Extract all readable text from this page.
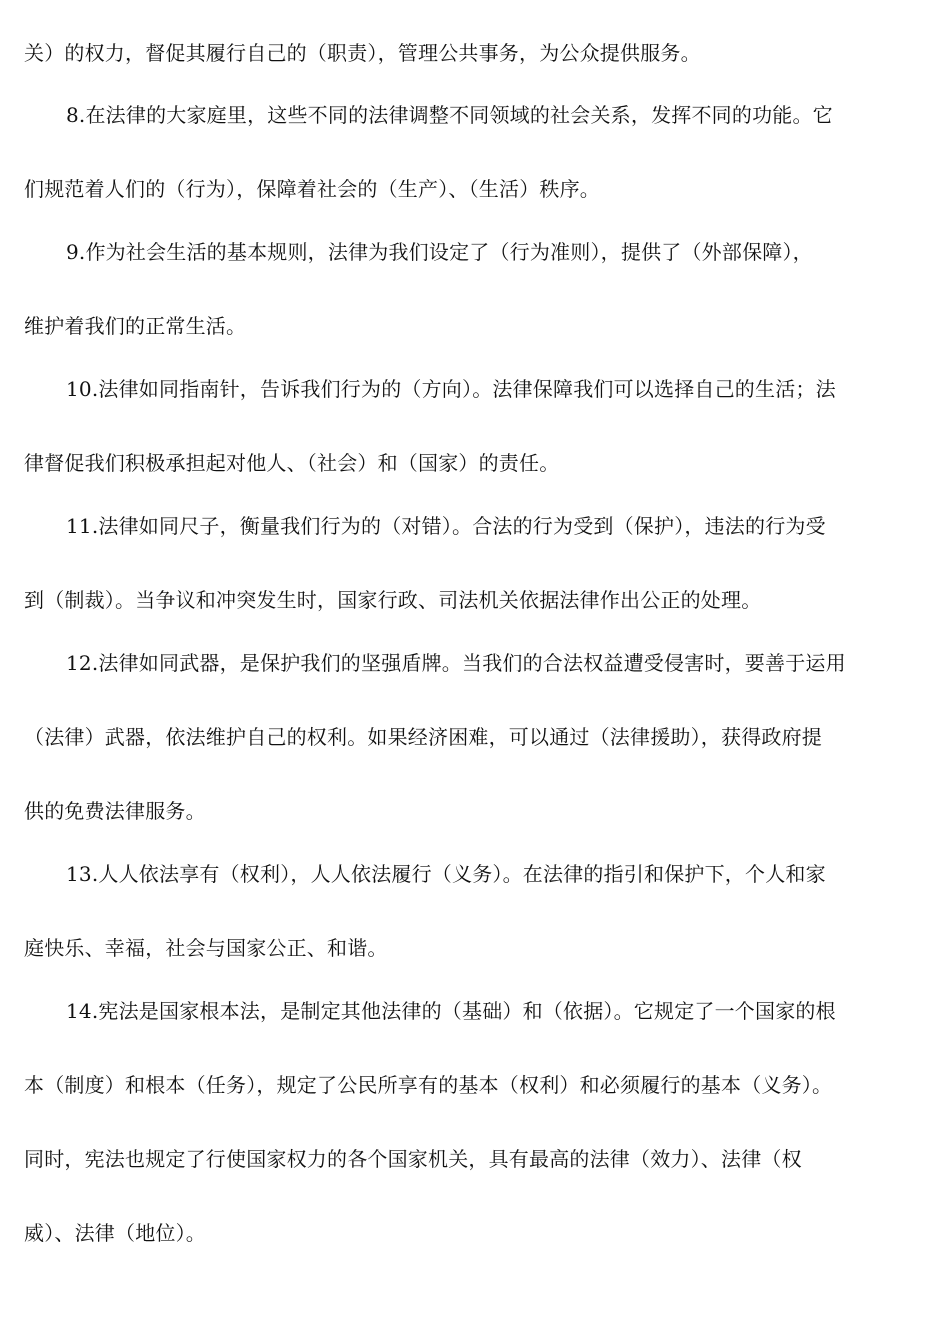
关）的权力，督促其履行自己的（职责），管理公共事务，为公众提供服务。
8.在法律的大家庭里，这些不同的法律调整不同领域的社会关系，发挥不同的功能。它
们规范着人们的（行为），保障着社会的（生产）、（生活）秩序。
9.作为社会生活的基本规则，法律为我们设定了（行为准则），提供了（外部保障），
维护着我们的正常生活。
10.法律如同指南针，告诉我们行为的（方向）。法律保障我们可以选择自己的生活；法
律督促我们积极承担起对他人、（社会）和（国家）的责任。
11.法律如同尺子，衡量我们行为的（对错）。合法的行为受到（保护），违法的行为受
到（制裁）。当争议和冲突发生时，国家行政、司法机关依据法律作出公正的处理。
12.法律如同武器，是保护我们的坚强盾牌。当我们的合法权益遭受侵害时，要善于运用
（法律）武器，依法维护自己的权利。如果经济困难，可以通过（法律援助），获得政府提
供的免费法律服务。
13.人人依法享有（权利），人人依法履行（义务）。在法律的指引和保护下，个人和家
庭快乐、幸福，社会与国家公正、和谐。
14.宪法是国家根本法，是制定其他法律的（基础）和（依据）。它规定了一个国家的根
本（制度）和根本（任务），规定了公民所享有的基本（权利）和必须履行的基本（义务）。
同时，宪法也规定了行使国家权力的各个国家机关，具有最高的法律（效力）、法律（权
威）、法律（地位）。
